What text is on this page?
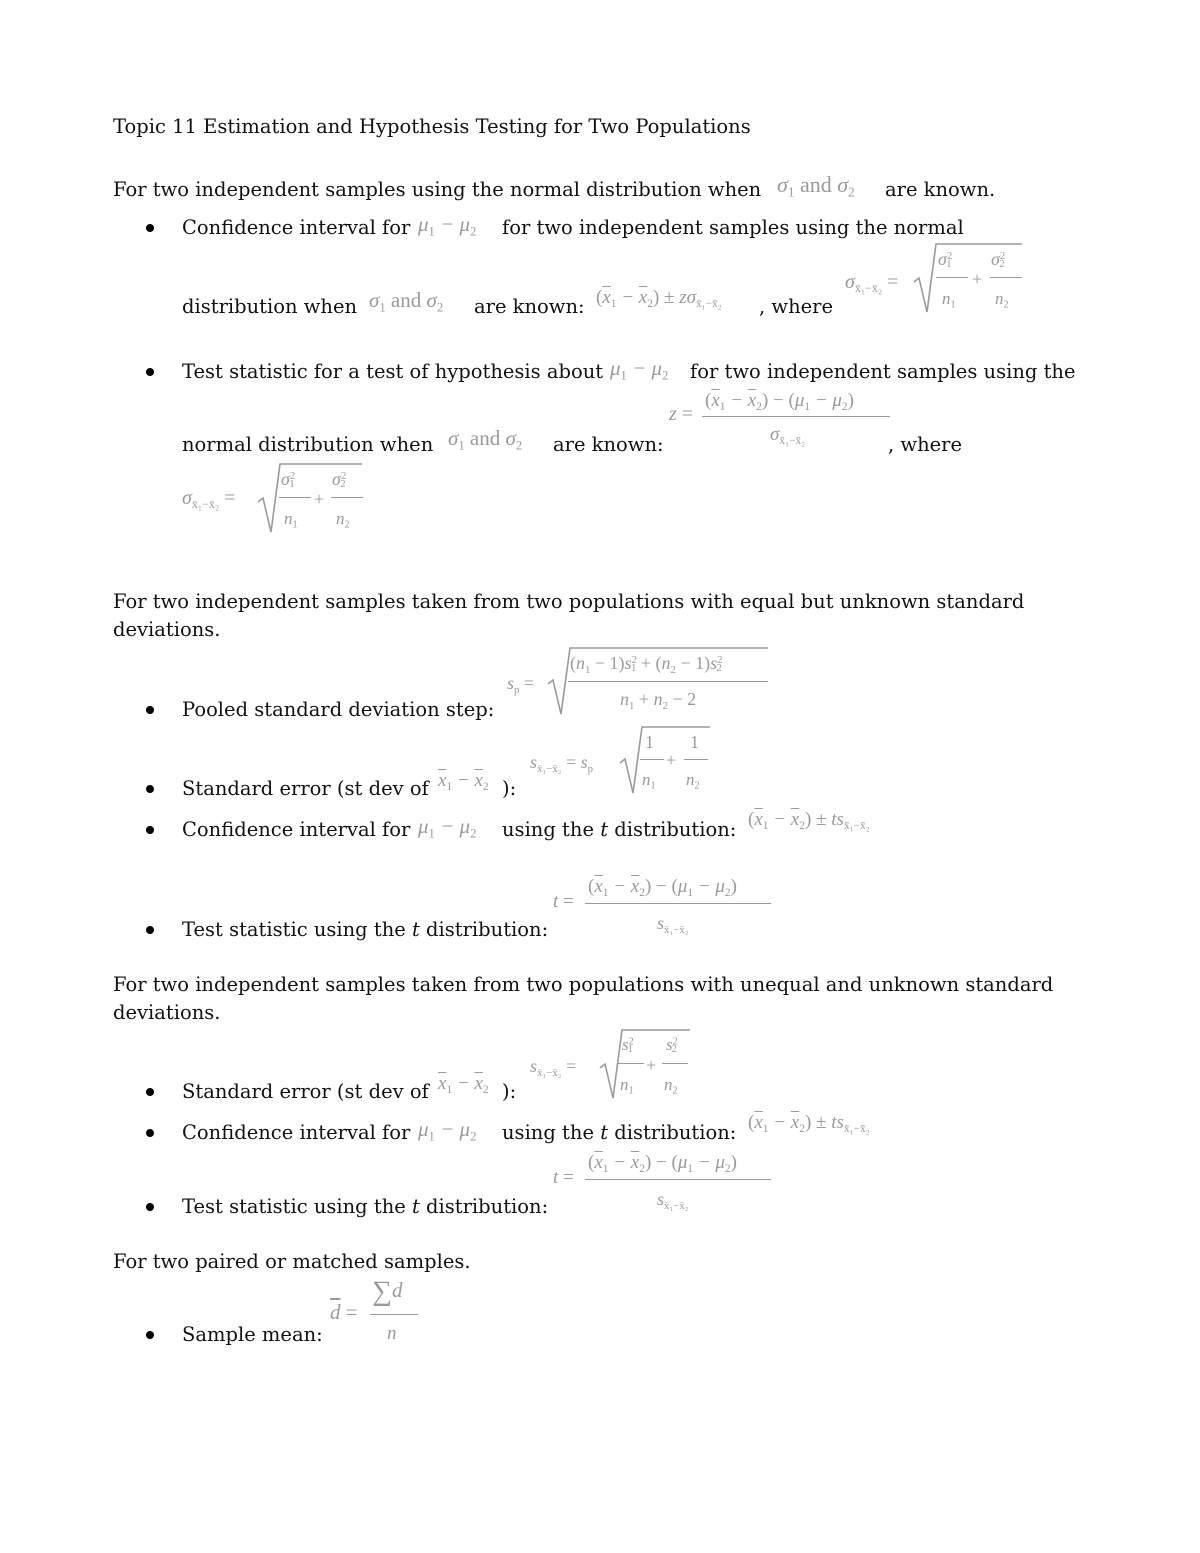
Topic 11 Estimation and Hypothesis Testing for Two Populations
For two independent samples using the normal distribution when $\sigma_1$ and $\sigma_2$ are known.
Confidence interval for $\mu_1 - \mu_2$ for two independent samples using the normal
distribution when $\sigma_1$ and $\sigma_2$ are known: $(\overline{x}_1 - \overline{x}_2) \pm z\sigma_{x̄_1-x̄_2}$ , where
$\sigma_{x̄_1-x̄_2}$ =
$\sigma^21$
$n_1$
+
$\sigma^22$
$n_2$
Test statistic for a test of hypothesis about $\mu_1 - \mu_2$ for two independent samples using the
z =
$(\overline{x}_1 - \overline{x}_2) - (\mu_1 - \mu_2)$
$\sigma_{x̄_1-x̄_2}$
normal distribution when $\sigma_1$ and $\sigma_2$ are known:	, where
$\sigma_{x̄_1-x̄_2}$ =
$\sigma^21$
$n_1$
+
$\sigma^22$
$n_2$
For two independent samples taken from two populations with equal but unknown standard
deviations.
$s_p$ =
$(n_1 - 1)s^21 + (n_2 - 1)s^22$
$n_1 + n_2 - 2$
Pooled standard deviation step:
$s_{x̄_1-x̄_2} = s_p$
1
$n_1$
+
1
$n_2$
Standard error (st dev of $\overline{x}_1 - \overline{x}_2$ ):
Confidence interval for $\mu_1 - \mu_2$ using the t distribution: $(\overline{x}_1 - \overline{x}_2) \pm ts_{x̄_1-x̄_2}$
t =
$(\overline{x}_1 - \overline{x}_2) - (\mu_1 - \mu_2)$
$s_{x̄_1-x̄_2}$
Test statistic using the t distribution:
For two independent samples taken from two populations with unequal and unknown standard
deviations.
$s_{x̄_1-x̄_2}$ =
$s^21$
$n_1$
+
$s^22$
$n_2$
Standard error (st dev of $\overline{x}_1 - \overline{x}_2$ ):
Confidence interval for $\mu_1 - \mu_2$ using the t distribution: $(\overline{x}_1 - \overline{x}_2) \pm ts_{x̄_1-x̄_2}$
t =
$(\overline{x}_1 - \overline{x}_2) - (\mu_1 - \mu_2)$
$s_{x̄_1-x̄_2}$
Test statistic using the t distribution:
For two paired or matched samples.
$\overline{d}$ =
∑d
n
Sample mean:
